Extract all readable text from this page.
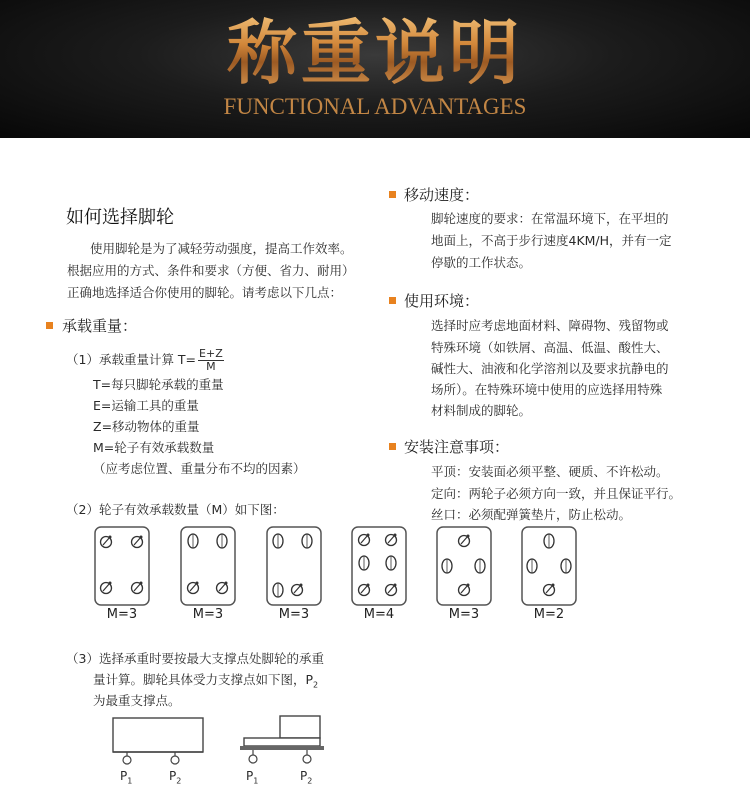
称重说明
FUNCTIONAL ADVANTAGES
如何选择脚轮
使用脚轮是为了减轻劳动强度，提高工作效率。
根据应用的方式、条件和要求（方便、省力、耐用）
正确地选择适合你使用的脚轮。请考虑以下几点：
承载重量：
（1）承载重量计算 $T= \frac{E+Z}{M}$
T=每只脚轮承载的重量
E=运输工具的重量
Z=移动物体的重量
M=轮子有效承载数量
（应考虑位置、重量分布不均的因素）
（2）轮子有效承载数量（M）如下图：
M=3	M=3	M=3	M=4	M=3	M=2
（3）选择承重时要按最大支撑点处脚轮的承重
量计算。脚轮具体受力支撑点如下图，$P_2$
为最重支撑点。
$P_1$	$P_2$	$P_1$	$P_2$
移动速度：
脚轮速度的要求：在常温环境下，在平坦的
地面上，不高于步行速度4KM/H，并有一定
停歇的工作状态。
使用环境：
选择时应考虑地面材料、障碍物、残留物或
特殊环境（如铁屑、高温、低温、酸性大、
碱性大、油液和化学溶剂以及要求抗静电的
场所）。在特殊环境中使用的应选择用特殊
材料制成的脚轮。
安装注意事项：
平顶：安装面必须平整、硬质、不许松动。
定向：两轮子必须方向一致，并且保证平行。
丝口：必须配弹簧垫片，防止松动。
